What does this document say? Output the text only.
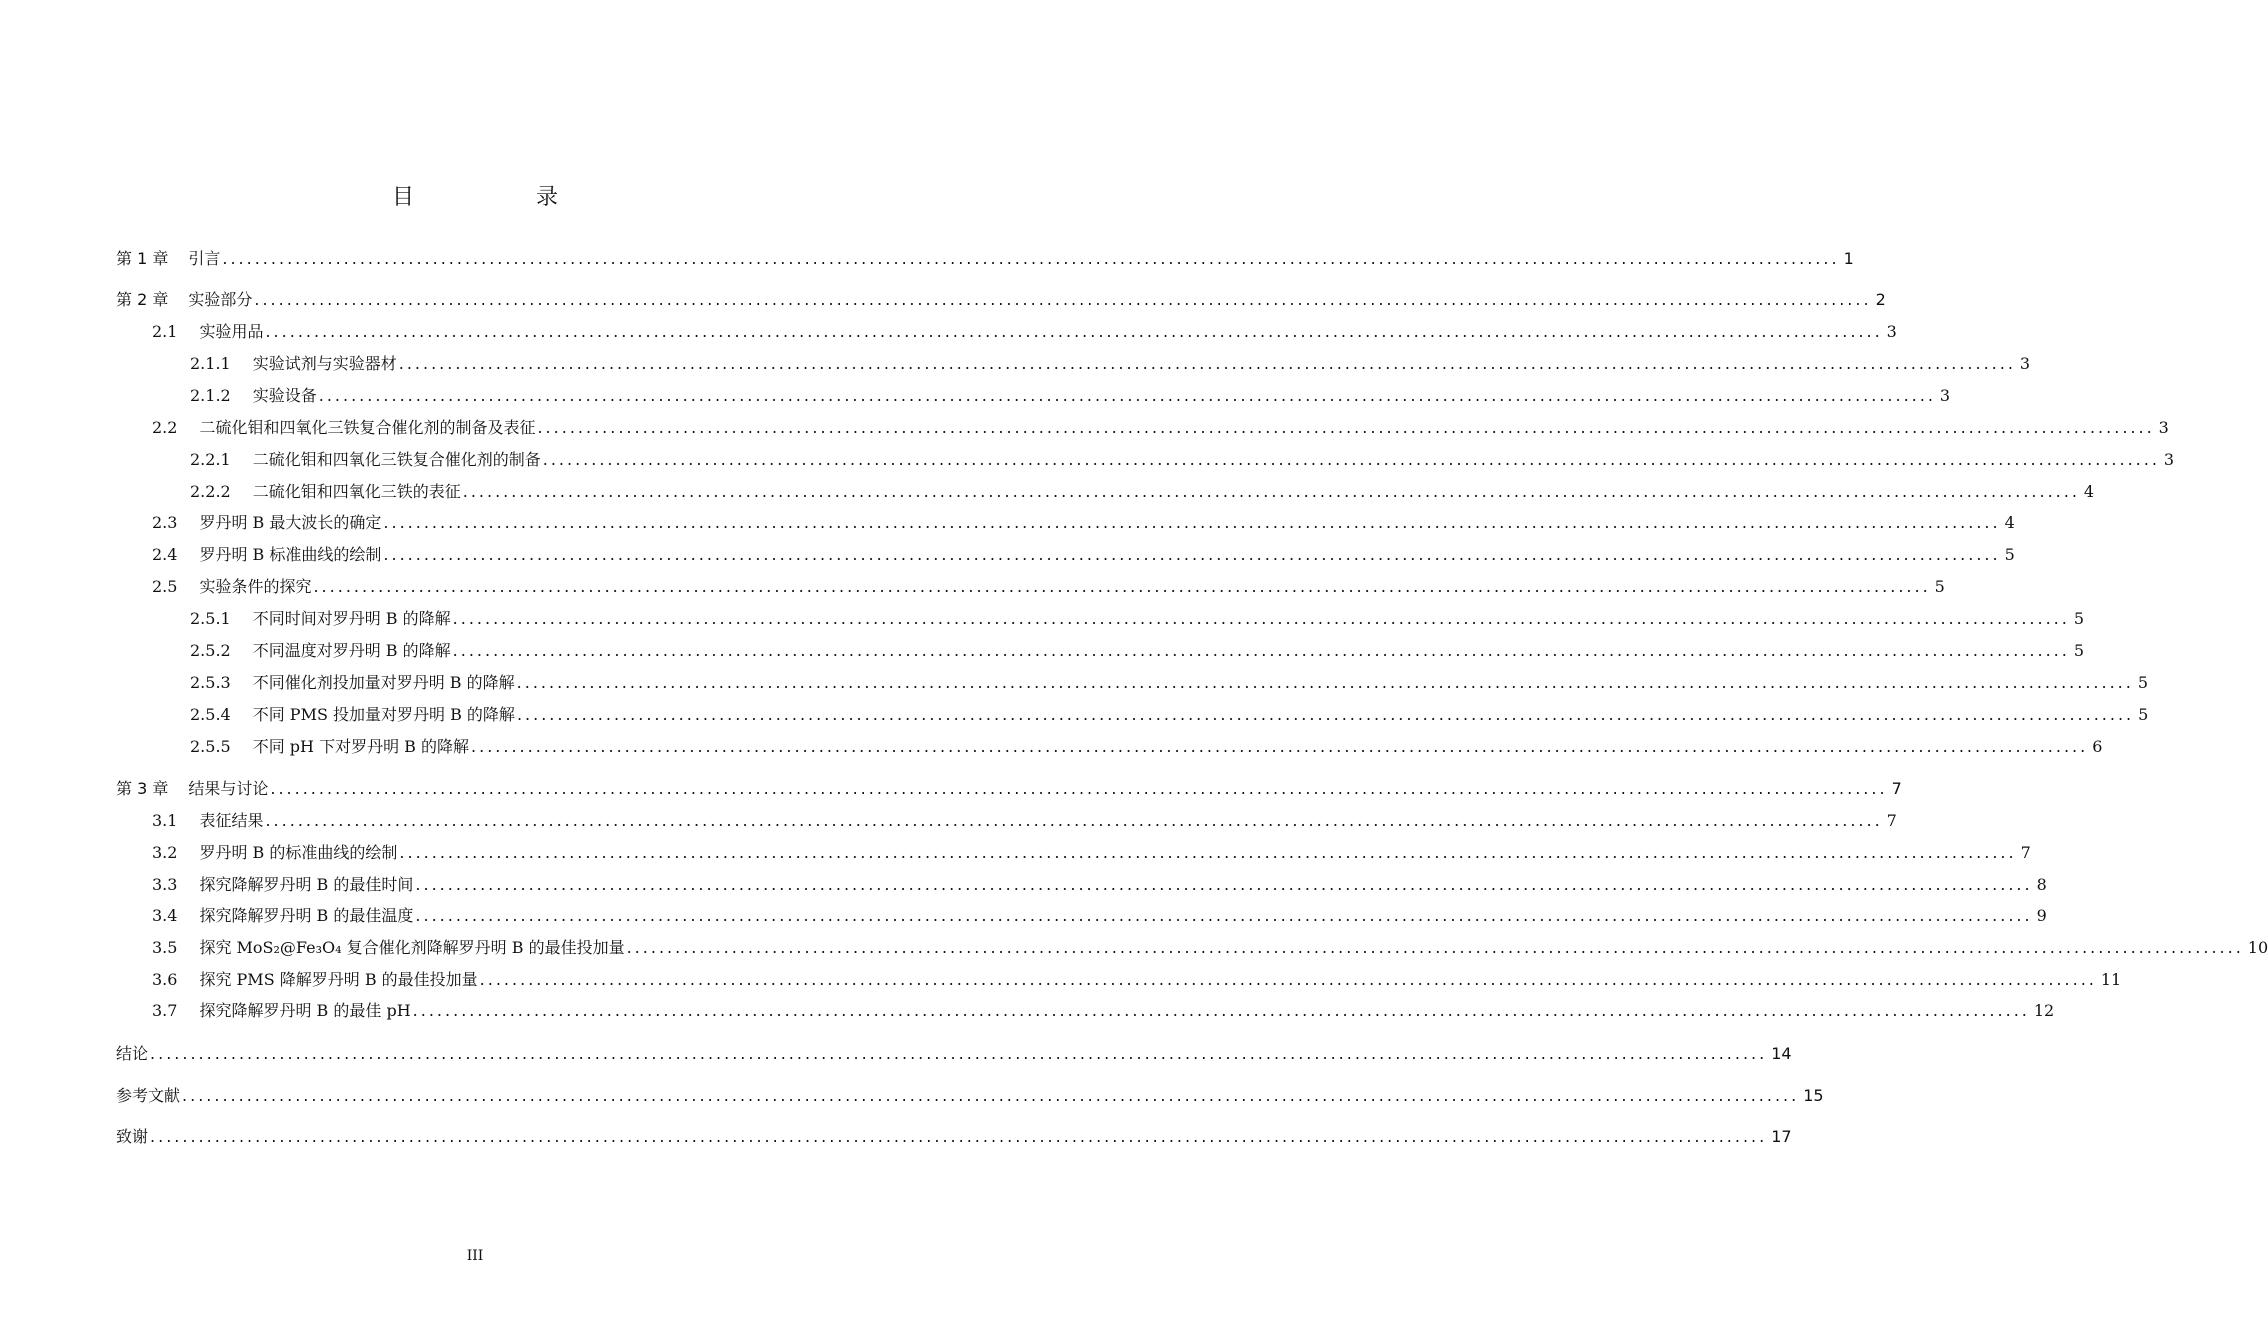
目　录
第 1 章 引言 ........................................................................................................................................................................................................ 1
第 2 章 实验部分 ........................................................................................................................................................................................................ 2
2.1 实验用品 ........................................................................................................................................................................................................ 3
2.1.1 实验试剂与实验器材 ........................................................................................................................................................................................................ 3
2.1.2 实验设备 ........................................................................................................................................................................................................ 3
2.2 二硫化钼和四氧化三铁复合催化剂的制备及表征 ........................................................................................................................................................................................................ 3
2.2.1 二硫化钼和四氧化三铁复合催化剂的制备 ........................................................................................................................................................................................................ 3
2.2.2 二硫化钼和四氧化三铁的表征 ........................................................................................................................................................................................................ 4
2.3 罗丹明 B 最大波长的确定 ........................................................................................................................................................................................................ 4
2.4 罗丹明 B 标准曲线的绘制 ........................................................................................................................................................................................................ 5
2.5 实验条件的探究 ........................................................................................................................................................................................................ 5
2.5.1 不同时间对罗丹明 B 的降解 ........................................................................................................................................................................................................ 5
2.5.2 不同温度对罗丹明 B 的降解 ........................................................................................................................................................................................................ 5
2.5.3 不同催化剂投加量对罗丹明 B 的降解 ........................................................................................................................................................................................................ 5
2.5.4 不同 PMS 投加量对罗丹明 B 的降解 ........................................................................................................................................................................................................ 5
2.5.5 不同 pH 下对罗丹明 B 的降解 ........................................................................................................................................................................................................ 6
第 3 章 结果与讨论 ........................................................................................................................................................................................................ 7
3.1 表征结果 ........................................................................................................................................................................................................ 7
3.2 罗丹明 B 的标准曲线的绘制 ........................................................................................................................................................................................................ 7
3.3 探究降解罗丹明 B 的最佳时间 ........................................................................................................................................................................................................ 8
3.4 探究降解罗丹明 B 的最佳温度 ........................................................................................................................................................................................................ 9
3.5 探究 MoS₂@Fe₃O₄ 复合催化剂降解罗丹明 B 的最佳投加量 ........................................................................................................................................................................................................ 10
3.6 探究 PMS 降解罗丹明 B 的最佳投加量 ........................................................................................................................................................................................................ 11
3.7 探究降解罗丹明 B 的最佳 pH ........................................................................................................................................................................................................ 12
结论 ........................................................................................................................................................................................................ 14
参考文献 ........................................................................................................................................................................................................ 15
致谢 ........................................................................................................................................................................................................ 17
III
